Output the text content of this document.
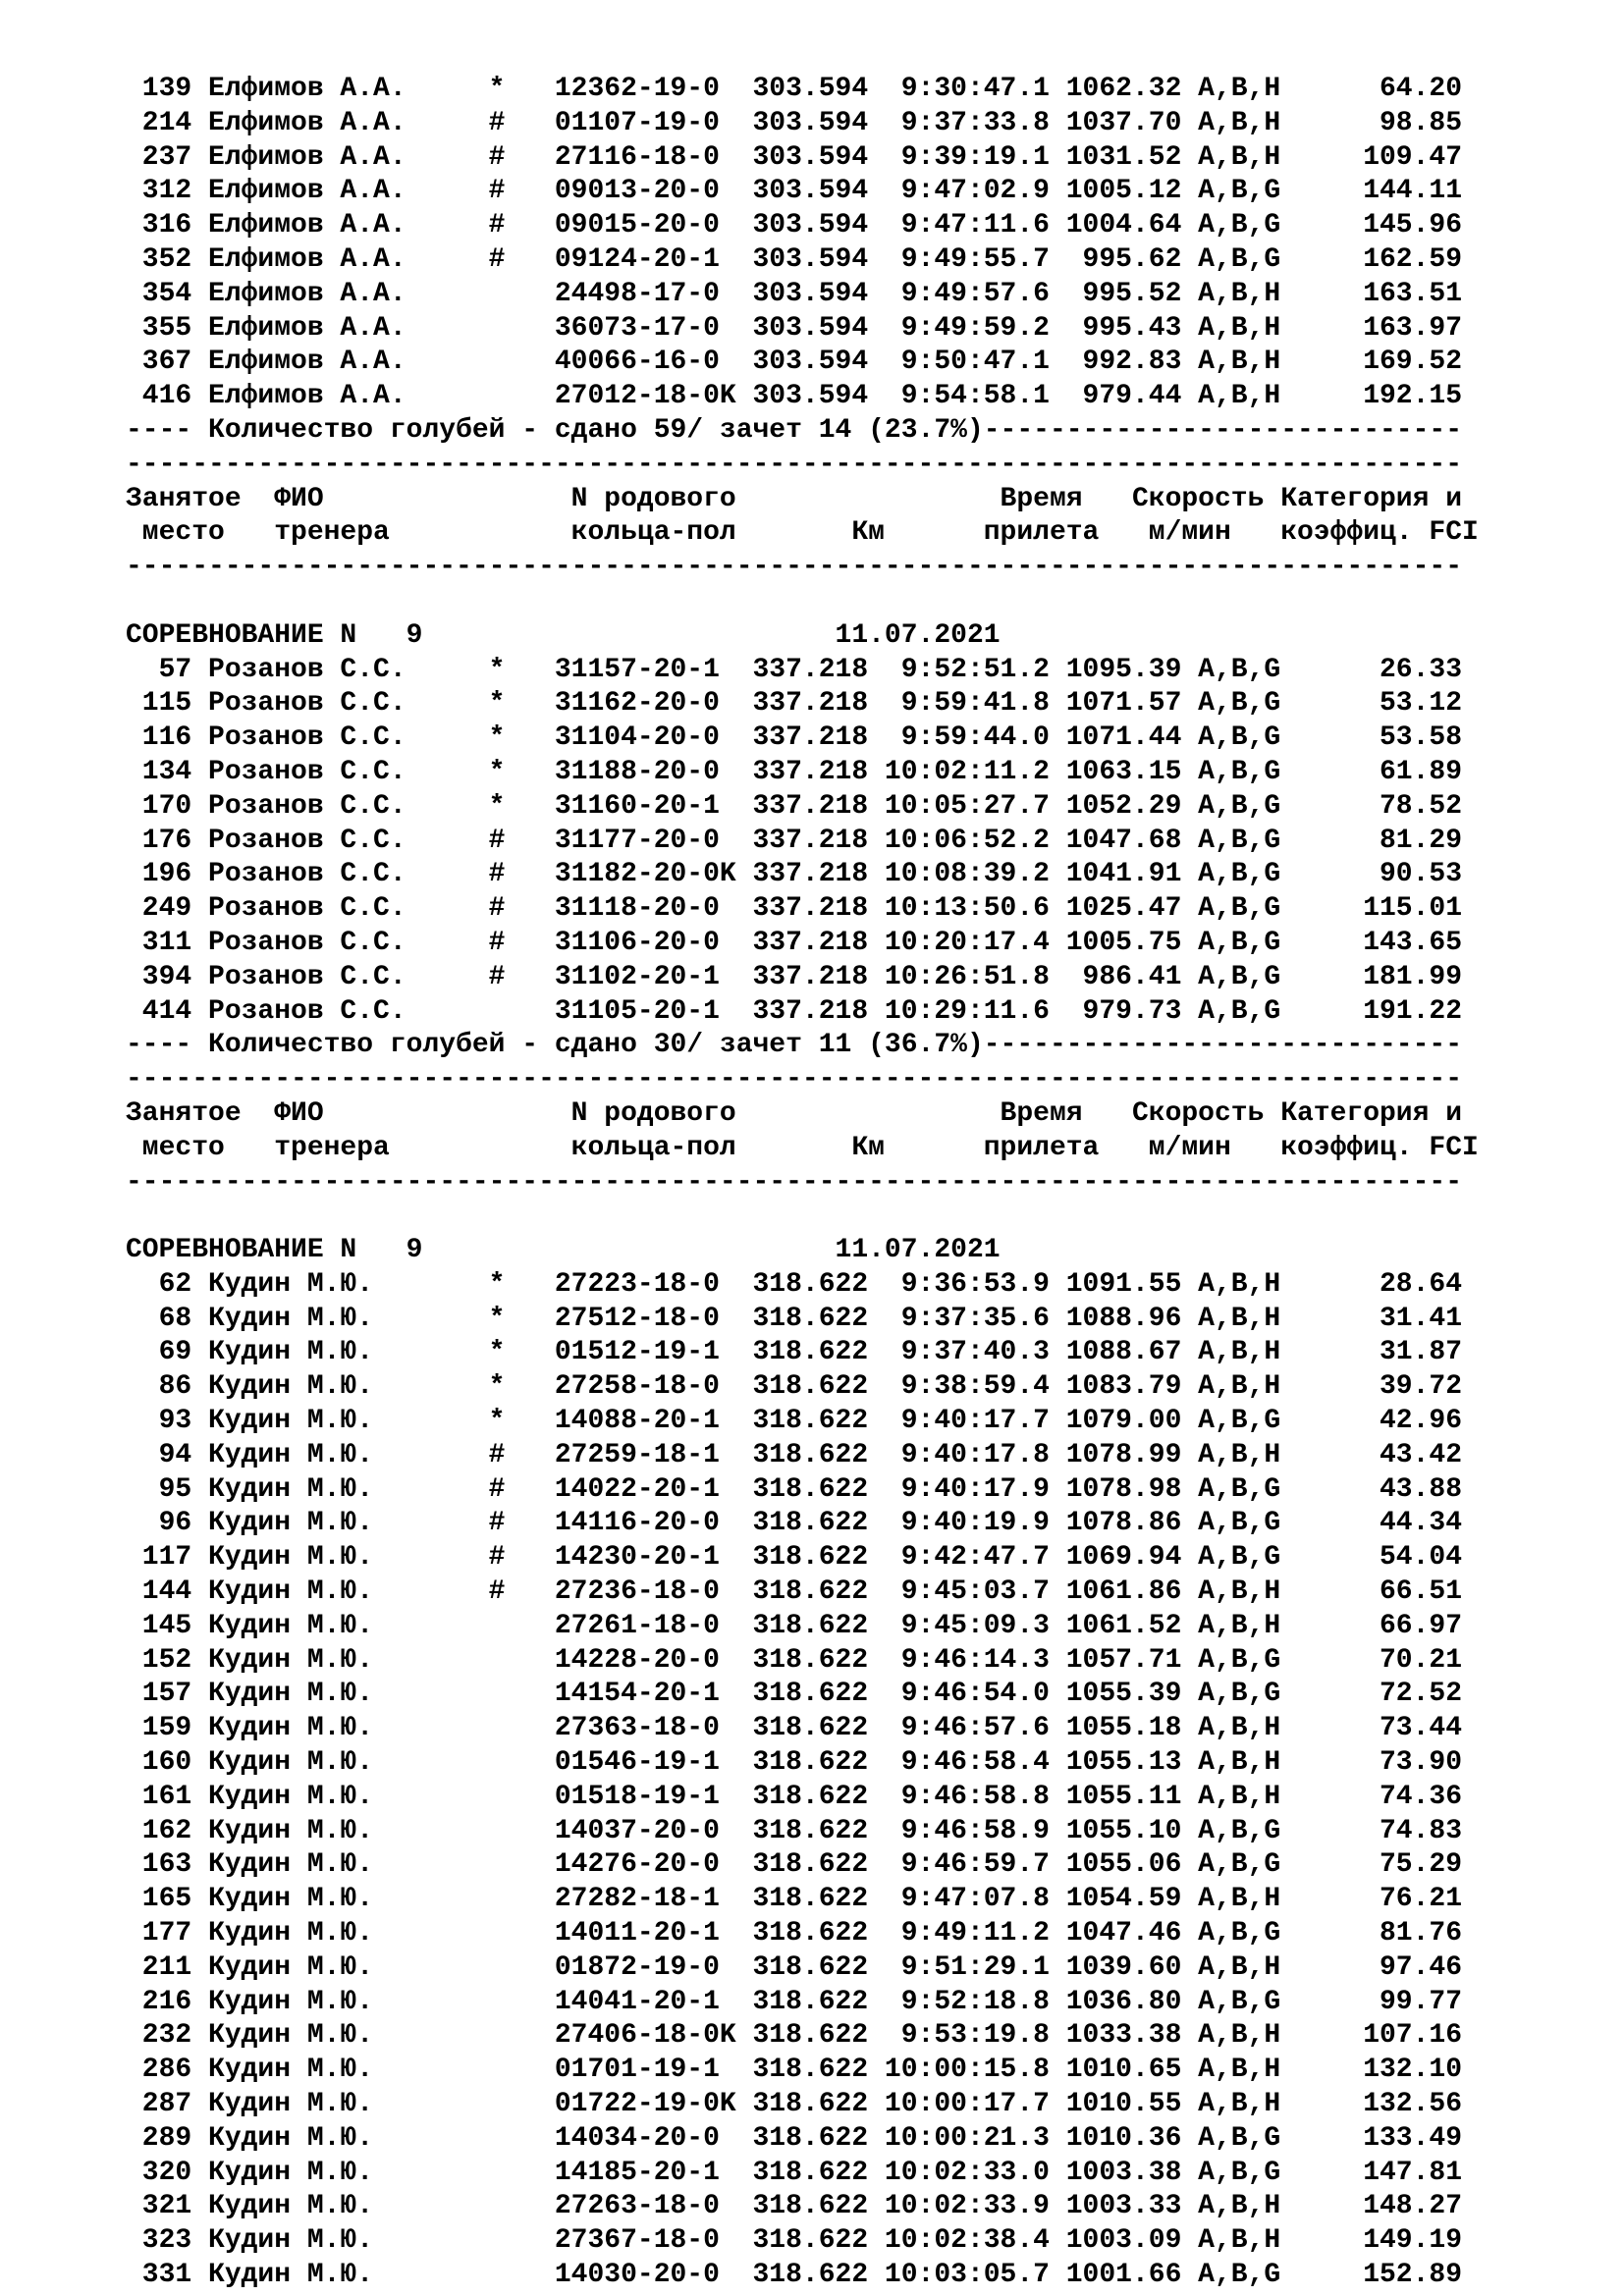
139 Елфимов А.А.     *   12362-19-0  303.594  9:30:47.1 1062.32 A,B,H      64.20
214 Елфимов А.А.     #   01107-19-0  303.594  9:37:33.8 1037.70 A,B,H      98.85
237 Елфимов А.А.     #   27116-18-0  303.594  9:39:19.1 1031.52 A,B,H     109.47
312 Елфимов А.А.     #   09013-20-0  303.594  9:47:02.9 1005.12 A,B,G     144.11
316 Елфимов А.А.     #   09015-20-0  303.594  9:47:11.6 1004.64 A,B,G     145.96
352 Елфимов А.А.     #   09124-20-1  303.594  9:49:55.7  995.62 A,B,G     162.59
354 Елфимов А.А.         24498-17-0  303.594  9:49:57.6  995.52 A,B,H     163.51
355 Елфимов А.А.         36073-17-0  303.594  9:49:59.2  995.43 A,B,H     163.97
367 Елфимов А.А.         40066-16-0  303.594  9:50:47.1  992.83 A,B,H     169.52
416 Елфимов А.А.         27012-18-0K 303.594  9:54:58.1  979.44 A,B,H     192.15
---- Количество голубей - сдано 59/ зачет 14 (23.7%)-----------------------------
---------------------------------------------------------------------------------
Занятое  ФИО               N родового                Время   Скорость Категория и
место   тренера           кольца-пол       Км      прилета   м/мин   коэффиц. FCI
---------------------------------------------------------------------------------
СОРЕВНОВАНИЕ N   9                         11.07.2021
57 Розанов С.С.     *   31157-20-1  337.218  9:52:51.2 1095.39 A,B,G      26.33
115 Розанов С.С.     *   31162-20-0  337.218  9:59:41.8 1071.57 A,B,G      53.12
116 Розанов С.С.     *   31104-20-0  337.218  9:59:44.0 1071.44 A,B,G      53.58
134 Розанов С.С.     *   31188-20-0  337.218 10:02:11.2 1063.15 A,B,G      61.89
170 Розанов С.С.     *   31160-20-1  337.218 10:05:27.7 1052.29 A,B,G      78.52
176 Розанов С.С.     #   31177-20-0  337.218 10:06:52.2 1047.68 A,B,G      81.29
196 Розанов С.С.     #   31182-20-0K 337.218 10:08:39.2 1041.91 A,B,G      90.53
249 Розанов С.С.     #   31118-20-0  337.218 10:13:50.6 1025.47 A,B,G     115.01
311 Розанов С.С.     #   31106-20-0  337.218 10:20:17.4 1005.75 A,B,G     143.65
394 Розанов С.С.     #   31102-20-1  337.218 10:26:51.8  986.41 A,B,G     181.99
414 Розанов С.С.         31105-20-1  337.218 10:29:11.6  979.73 A,B,G     191.22
---- Количество голубей - сдано 30/ зачет 11 (36.7%)-----------------------------
---------------------------------------------------------------------------------
Занятое  ФИО               N родового                Время   Скорость Категория и
место   тренера           кольца-пол       Км      прилета   м/мин   коэффиц. FCI
---------------------------------------------------------------------------------
СОРЕВНОВАНИЕ N   9                         11.07.2021
62 Кудин М.Ю.       *   27223-18-0  318.622  9:36:53.9 1091.55 A,B,H      28.64
68 Кудин М.Ю.       *   27512-18-0  318.622  9:37:35.6 1088.96 A,B,H      31.41
69 Кудин М.Ю.       *   01512-19-1  318.622  9:37:40.3 1088.67 A,B,H      31.87
86 Кудин М.Ю.       *   27258-18-0  318.622  9:38:59.4 1083.79 A,B,H      39.72
93 Кудин М.Ю.       *   14088-20-1  318.622  9:40:17.7 1079.00 A,B,G      42.96
94 Кудин М.Ю.       #   27259-18-1  318.622  9:40:17.8 1078.99 A,B,H      43.42
95 Кудин М.Ю.       #   14022-20-1  318.622  9:40:17.9 1078.98 A,B,G      43.88
96 Кудин М.Ю.       #   14116-20-0  318.622  9:40:19.9 1078.86 A,B,G      44.34
117 Кудин М.Ю.       #   14230-20-1  318.622  9:42:47.7 1069.94 A,B,G      54.04
144 Кудин М.Ю.       #   27236-18-0  318.622  9:45:03.7 1061.86 A,B,H      66.51
145 Кудин М.Ю.           27261-18-0  318.622  9:45:09.3 1061.52 A,B,H      66.97
152 Кудин М.Ю.           14228-20-0  318.622  9:46:14.3 1057.71 A,B,G      70.21
157 Кудин М.Ю.           14154-20-1  318.622  9:46:54.0 1055.39 A,B,G      72.52
159 Кудин М.Ю.           27363-18-0  318.622  9:46:57.6 1055.18 A,B,H      73.44
160 Кудин М.Ю.           01546-19-1  318.622  9:46:58.4 1055.13 A,B,H      73.90
161 Кудин М.Ю.           01518-19-1  318.622  9:46:58.8 1055.11 A,B,H      74.36
162 Кудин М.Ю.           14037-20-0  318.622  9:46:58.9 1055.10 A,B,G      74.83
163 Кудин М.Ю.           14276-20-0  318.622  9:46:59.7 1055.06 A,B,G      75.29
165 Кудин М.Ю.           27282-18-1  318.622  9:47:07.8 1054.59 A,B,H      76.21
177 Кудин М.Ю.           14011-20-1  318.622  9:49:11.2 1047.46 A,B,G      81.76
211 Кудин М.Ю.           01872-19-0  318.622  9:51:29.1 1039.60 A,B,H      97.46
216 Кудин М.Ю.           14041-20-1  318.622  9:52:18.8 1036.80 A,B,G      99.77
232 Кудин М.Ю.           27406-18-0K 318.622  9:53:19.8 1033.38 A,B,H     107.16
286 Кудин М.Ю.           01701-19-1  318.622 10:00:15.8 1010.65 A,B,H     132.10
287 Кудин М.Ю.           01722-19-0K 318.622 10:00:17.7 1010.55 A,B,H     132.56
289 Кудин М.Ю.           14034-20-0  318.622 10:00:21.3 1010.36 A,B,G     133.49
320 Кудин М.Ю.           14185-20-1  318.622 10:02:33.0 1003.38 A,B,G     147.81
321 Кудин М.Ю.           27263-18-0  318.622 10:02:33.9 1003.33 A,B,H     148.27
323 Кудин М.Ю.           27367-18-0  318.622 10:02:38.4 1003.09 A,B,H     149.19
331 Кудин М.Ю.           14030-20-0  318.622 10:03:05.7 1001.66 A,B,G     152.89
